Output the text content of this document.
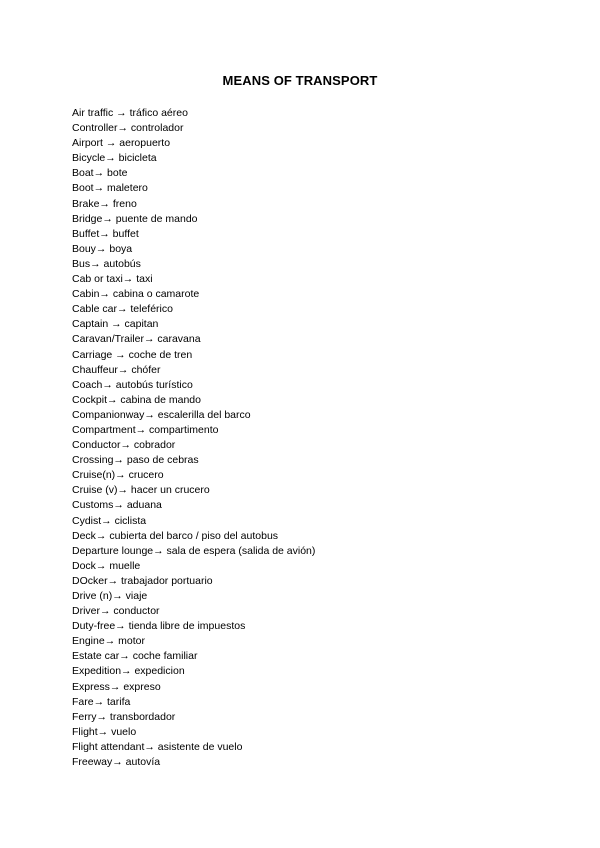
MEANS OF TRANSPORT
Air traffic → tráfico aéreo
Controller→ controlador
Airport → aeropuerto
Bicycle→ bicicleta
Boat→ bote
Boot→ maletero
Brake→ freno
Bridge→ puente de mando
Buffet→ buffet
Bouy→ boya
Bus→ autobús
Cab or taxi→ taxi
Cabin→ cabina o camarote
Cable car→ teleférico
Captain → capitan
Caravan/Trailer→ caravana
Carriage → coche de tren
Chauffeur→ chófer
Coach→ autobús turístico
Cockpit→ cabina de mando
Companionway→ escalerilla del barco
Compartment→ compartimento
Conductor→ cobrador
Crossing→ paso de cebras
Cruise(n)→ crucero
Cruise (v)→ hacer un crucero
Customs→ aduana
Cydist→ ciclista
Deck→ cubierta del barco / piso del autobus
Departure lounge→ sala de espera (salida de avión)
Dock→ muelle
DOcker→ trabajador portuario
Drive (n)→ viaje
Driver→ conductor
Duty-free→ tienda libre de impuestos
Engine→ motor
Estate car→ coche familiar
Expedition→ expedicion
Express→ expreso
Fare→ tarifa
Ferry→ transbordador
Flight→ vuelo
Flight attendant→ asistente de vuelo
Freeway→ autovía
